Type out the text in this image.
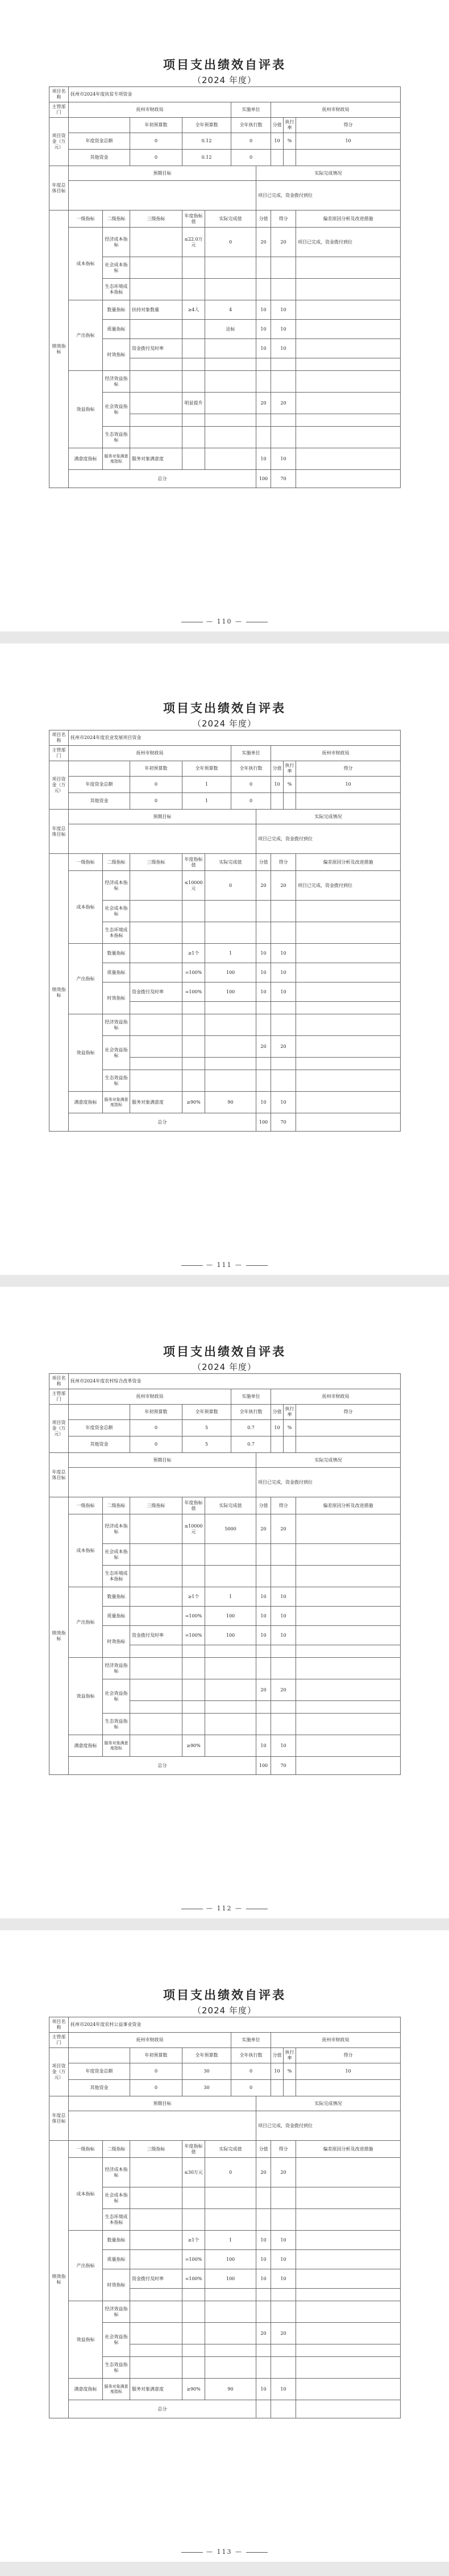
项目支出绩效自评表
（2024 年度）
项目名称	抚州市2024年度扶贫专项资金									
主管部门	抚州市财政局					实施单位		抚州市财政局		
项目资金（万元）			年初预算数	全年预算数		全年执行数		分值	执行率	得分
	年度资金总额		0	0.12		0		10	%	10
	其他资金		0	0.12		0				
年度总体目标	预期目标						实际完成情况			
							项目已完成，资金拨付到位			
绩效指标	一级指标	二级指标	三级指标	年度指标值	实际完成值		分值	得分		偏差原因分析及改进措施
	成本指标	经济成本指标		≤22.0万元	0		20	20		项目已完成，资金拨付到位
		社会成本指标								
		生态环境成本指标								
	产出指标	数量指标	扶持对象数量	≥4人	4		10	10		
		质量指标			达标		10	10		
		时效指标	资金拨付及时率				10	10		

	效益指标	经济效益指标								
		社会效益指标		明显提升			20	20		

		生态效益指标								
	满意度指标	服务对象满意度指标	服务对象满意度				10	10		
	总分						100	70		
— 110 —
项目支出绩效自评表
（2024 年度）
项目名称	抚州市2024年度农业发展项目资金									
主管部门	抚州市财政局					实施单位		抚州市财政局		
项目资金（万元）			年初预算数	全年预算数		全年执行数		分值	执行率	得分
	年度资金总额		0	1		0		10	%	10
	其他资金		0	1		0				
年度总体目标	预期目标						实际完成情况			
							项目已完成，资金拨付到位			
绩效指标	一级指标	二级指标	三级指标	年度指标值	实际完成值		分值	得分		偏差原因分析及改进措施
	成本指标	经济成本指标		≤10000元	0		20	20		项目已完成，资金拨付到位
		社会成本指标								
		生态环境成本指标								
	产出指标	数量指标		≥1个	1		10	10		
		质量指标		=100%	100		10	10		
		时效指标	资金拨付及时率	=100%	100		10	10		

	效益指标	经济效益指标								
		社会效益指标					20	20		

		生态效益指标								
	满意度指标	服务对象满意度指标	服务对象满意度	≥90%	90		10	10		
	总分						100	70		
— 111 —
项目支出绩效自评表
（2024 年度）
项目名称	抚州市2024年度农村综合改革资金									
主管部门	抚州市财政局					实施单位		抚州市财政局		
项目资金（万元）			年初预算数	全年预算数		全年执行数		分值	执行率	得分
	年度资金总额		0	5		0.7		10	%	
	其他资金		0	5		0.7				
年度总体目标	预期目标						实际完成情况			
							项目已完成，资金拨付到位			
绩效指标	一级指标	二级指标	三级指标	年度指标值	实际完成值		分值	得分		偏差原因分析及改进措施
	成本指标	经济成本指标		≤10000元	5000		20	20		
		社会成本指标								
		生态环境成本指标								
	产出指标	数量指标		≥1个	1		10	10		
		质量指标		=100%	100		10	10		
		时效指标	资金拨付及时率	=100%	100		10	10		

	效益指标	经济效益指标								
		社会效益指标					20	20		

		生态效益指标								
	满意度指标	服务对象满意度指标		≥90%			10	10		
	总分						100	70		
— 112 —
项目支出绩效自评表
（2024 年度）
项目名称	抚州市2024年度农村公益事业资金									
主管部门	抚州市财政局					实施单位		抚州市财政局		
项目资金（万元）			年初预算数	全年预算数		全年执行数		分值	执行率	得分
	年度资金总额		0	30		0		10	%	10
	其他资金		0	30		0				
年度总体目标	预期目标						实际完成情况			
							项目已完成，资金拨付到位			
绩效指标	一级指标	二级指标	三级指标	年度指标值	实际完成值		分值	得分		偏差原因分析及改进措施
	成本指标	经济成本指标		≤30万元	0		20	20		
		社会成本指标								
		生态环境成本指标								
	产出指标	数量指标		≥1个	1		10	10		
		质量指标		=100%	100		10	10		
		时效指标	资金拨付及时率	=100%	100		10	10		

	效益指标	经济效益指标								
		社会效益指标					20	20		

		生态效益指标								
	满意度指标	服务对象满意度指标	服务对象满意度	≥90%	90		10	10		
	总分									
— 113 —
